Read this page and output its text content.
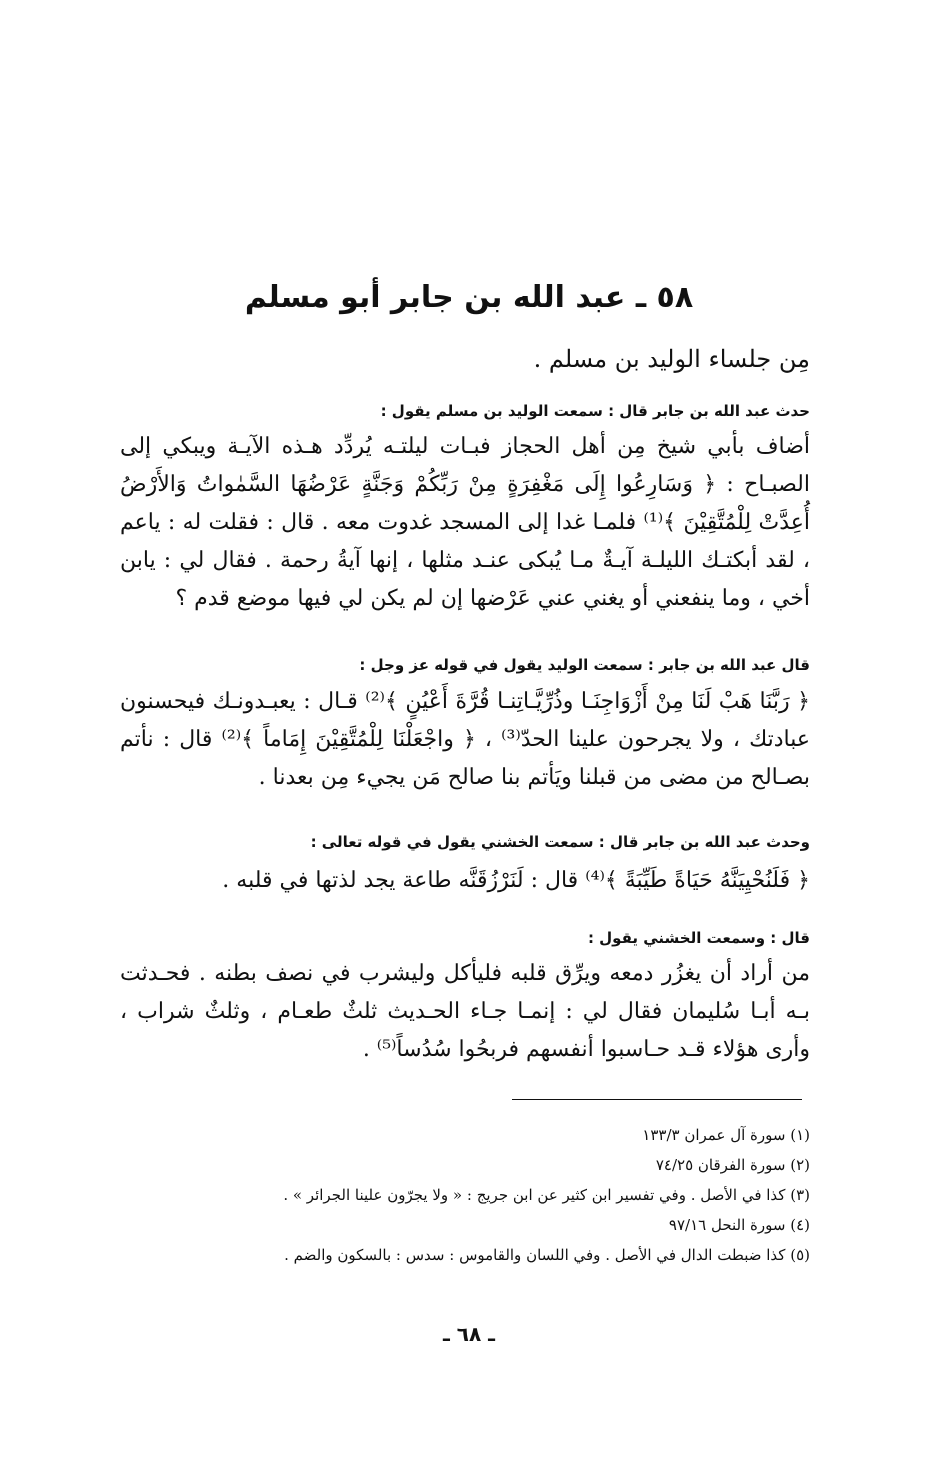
٥٨ ـ عبد الله بن جابر أبو مسلم
مِن جلساء الوليد بن مسلم .
حدث عبد الله بن جابر قال : سمعت الوليد بن مسلم يقول :

أضاف بأبي شيخ مِن أهل الحجاز فبـات ليلتـه يُردِّد هـذه الآيـة ويبكي إلى الصبـاح : ﴿ وَسَارِعُوا إِلَى مَغْفِرَةٍ مِنْ رَبِّكُمْ وَجَنَّةٍ عَرْضُهَا السَّمٰواتُ وَالأَرْضُ أُعِدَّتْ لِلْمُتَّقِيْنَ ﴾⁽¹⁾ فلمـا غدا إلى المسجد غدوت معه . قال : فقلت له : ياعم ، لقد أبكتـك الليلـة آيـةٌ مـا يُبكى عنـد مثلها ، إنها آيةُ رحمة . فقال لي : يابن أخي ، وما ينفعني أو يغني عني عَرْضها إن لم يكن لي فيها موضع قدم ؟

قال عبد الله بن جابر : سمعت الوليد يقول في قوله عز وجل :

﴿ رَبَّنَا هَبْ لَنَا مِنْ أَزْوَاجِنَـا وذُرِّيَّـاتِنـا قُرَّةَ أَعْيُنٍ ﴾⁽²⁾ قـال : يعبـدونـك فيحسنون عبادتك ، ولا يجرحون علينا الحدّ⁽³⁾ ، ﴿ واجْعَلْنَا لِلْمُتَّقِيْنَ إِمَاماً ﴾⁽²⁾ قال : نأتم بصـالح من مضى من قبلنا ويَأتم بنا صالح مَن يجيء مِن بعدنا .

وحدث عبد الله بن جابر قال : سمعت الخشني يقول في قوله تعالى :

﴿ فَلَنُحْيِيَنَّهُ حَيَاةً طَيِّبَةً ﴾⁽⁴⁾ قال : لَنَرْزُقَنَّه طاعة يجد لذتها في قلبه .

قال : وسمعت الخشني يقول :

من أراد أن يغزُر دمعه ويرِّق قلبه فليأكل وليشرب في نصف بطنه . فحـدثت بـه أبـا سُليمان فقال لي : إنمـا جـاء الحـديث ثلثٌ طعـام ، وثلثٌ شراب ، وأرى هؤلاء قـد حـاسبوا أنفسهم فربحُوا سُدُساً⁽⁵⁾ .

(١) سورة آل عمران ١٣٣/٣
(٢) سورة الفرقان ٧٤/٢٥
(٣) كذا في الأصل . وفي تفسير ابن كثير عن ابن جريج : « ولا يجرّون علينا الجرائر » .
(٤) سورة النحل ٩٧/١٦
(٥) كذا ضبطت الدال في الأصل . وفي اللسان والقاموس : سدس : بالسكون والضم .
ـ ٦٨ ـ
